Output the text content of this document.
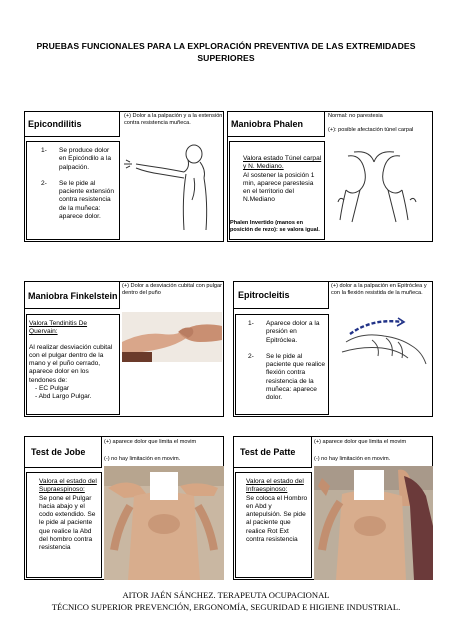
PRUEBAS FUNCIONALES PARA LA EXPLORACIÓN PREVENTIVA DE LAS EXTREMIDADES
SUPERIORES
Epicondilitis
(+) Dolor a la palpación y a la extensión contra resistencia muñeca.
1-	Se produce dolor en Epicóndilo a la palpación.
2-	Se le pide al paciente extensión contra resistencia de la muñeca: aparece dolor.
Maniobra Phalen
Normal: no parestesia
(+): posible afectación túnel carpal
Valora estado Túnel carpal y N. Mediano.
Al sostener la posición 1 min, aparece parestesia en el territorio del N.Mediano
Phalen Invertido (manos en posición de rezo): se valora igual.
Maniobra Finkelstein
(+) Dolor a desviación cubital con pulgar dentro del puño
Valora Tendinitis De Quervain:
Al realizar desviación cubital con el pulgar dentro de la mano y el puño cerrado, aparece dolor en los tendones de:
- EC Pulgar
- Abd Largo Pulgar.
Epitrocleitis
(+) dolor a la palpación en Epitróclea y con la flexión resistida de la muñeca.
1-	Aparece dolor a la presión en Epitróclea.
2-	Se le pide al paciente que realice flexión contra resistencia de la muñeca: aparece dolor.
Test de Jobe
(+) aparece dolor que limita el movim
(-) no hay limitación en movim.
Valora el estado del Supraespinoso:
Se pone el Pulgar hacia abajo y el codo extendido. Se le pide al paciente que realice la Abd del hombro contra resistencia
Test de Patte
(+) aparece dolor que limita el movim
(-) no hay limitación en movim.
Valora el estado del Infraespinoso:
Se coloca el Hombro en Abd y antepulsión. Se pide al paciente que realice Rot Ext contra resistencia
AITOR JAÉN SÁNCHEZ. TERAPEUTA OCUPACIONAL
TÉCNICO SUPERIOR PREVENCIÓN, ERGONOMÍA, SEGURIDAD E HIGIENE INDUSTRIAL.
